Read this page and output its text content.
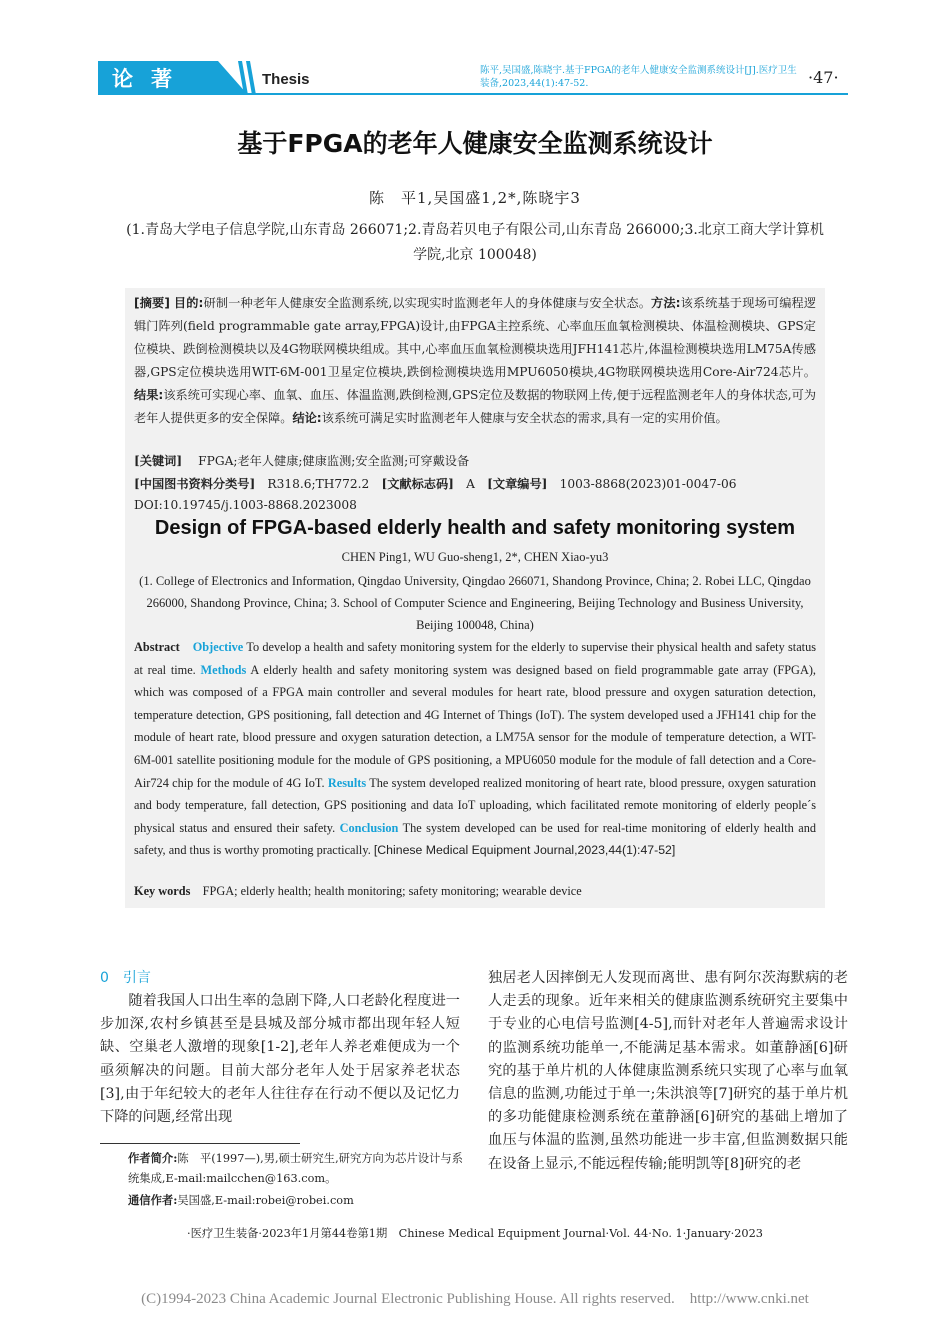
论著	Thesis
陈平,吴国盛,陈晓宇.基于FPGA的老年人健康安全监测系统设计[J].医疗卫生装备,2023,44(1):47-52.	·47·
基于FPGA的老年人健康安全监测系统设计
陈　平1,吴国盛1,2*,陈晓宇3
(1.青岛大学电子信息学院,山东青岛 266071;2.青岛若贝电子有限公司,山东青岛 266000;3.北京工商大学计算机学院,北京 100048)
[摘要] 目的:研制一种老年人健康安全监测系统,以实现实时监测老年人的身体健康与安全状态。方法:该系统基于现场可编程逻辑门阵列(field programmable gate array,FPGA)设计,由FPGA主控系统、心率血压血氧检测模块、体温检测模块、GPS定位模块、跌倒检测模块以及4G物联网模块组成。其中,心率血压血氧检测模块选用JFH141芯片,体温检测模块选用LM75A传感器,GPS定位模块选用WIT-6M-001卫星定位模块,跌倒检测模块选用MPU6050模块,4G物联网模块选用Core-Air724芯片。结果:该系统可实现心率、血氧、血压、体温监测,跌倒检测,GPS定位及数据的物联网上传,便于远程监测老年人的身体状态,可为老年人提供更多的安全保障。结论:该系统可满足实时监测老年人健康与安全状态的需求,具有一定的实用价值。
[关键词]　 FPGA;老年人健康;健康监测;安全监测;可穿戴设备
[中国图书资料分类号]　 R318.6;TH772.2　 [文献标志码]　 A　 [文章编号]　 1003-8868(2023)01-0047-06
DOI:10.19745/j.1003-8868.2023008
Design of FPGA-based elderly health and safety monitoring system
CHEN Ping1, WU Guo-sheng1, 2*, CHEN Xiao-yu3
(1. College of Electronics and Information, Qingdao University, Qingdao 266071, Shandong Province, China; 2. Robei LLC, Qingdao 266000, Shandong Province, China; 3. School of Computer Science and Engineering, Beijing Technology and Business University, Beijing 100048, China)
Abstract Objective To develop a health and safety monitoring system for the elderly to supervise their physical health and safety status at real time. Methods A elderly health and safety monitoring system was designed based on field programmable gate array (FPGA), which was composed of a FPGA main controller and several modules for heart rate, blood pressure and oxygen saturation detection, temperature detection, GPS positioning, fall detection and 4G Internet of Things (IoT). The system developed used a JFH141 chip for the module of heart rate, blood pressure and oxygen saturation detection, a LM75A sensor for the module of temperature detection, a WIT-6M-001 satellite positioning module for the module of GPS positioning, a MPU6050 module for the module of fall detection and a Core-Air724 chip for the module of 4G IoT. Results The system developed realized monitoring of heart rate, blood pressure, oxygen saturation and body temperature, fall detection, GPS positioning and data IoT uploading, which facilitated remote monitoring of elderly people´s physical status and ensured their safety. Conclusion The system developed can be used for real-time monitoring of elderly health and safety, and thus is worthy promoting practically. [Chinese Medical Equipment Journal,2023,44(1):47-52]
Key words FPGA; elderly health; health monitoring; safety monitoring; wearable device
0　引言
随着我国人口出生率的急剧下降,人口老龄化程度进一步加深,农村乡镇甚至是县城及部分城市都出现年轻人短缺、空巢老人激增的现象[1-2],老年人养老难便成为一个亟须解决的问题。目前大部分老年人处于居家养老状态[3],由于年纪较大的老年人往往存在行动不便以及记忆力下降的问题,经常出现
独居老人因摔倒无人发现而离世、患有阿尔茨海默病的老人走丢的现象。近年来相关的健康监测系统研究主要集中于专业的心电信号监测[4-5],而针对老年人普遍需求设计的监测系统功能单一,不能满足基本需求。如董静涵[6]研究的基于单片机的人体健康监测系统只实现了心率与血氧信息的监测,功能过于单一;朱洪浪等[7]研究的基于单片机的多功能健康检测系统在董静涵[6]研究的基础上增加了血压与体温的监测,虽然功能进一步丰富,但监测数据只能在设备上显示,不能远程传输;能明凯等[8]研究的老
作者简介:陈　平(1997—),男,硕士研究生,研究方向为芯片设计与系统集成,E-mail:mailcchen@163.com。
通信作者:吴国盛,E-mail:robei@robei.com
·医疗卫生装备·2023年1月第44卷第1期　Chinese Medical Equipment Journal·Vol. 44·No. 1·January·2023
(C)1994-2023 China Academic Journal Electronic Publishing House. All rights reserved.　http://www.cnki.net
